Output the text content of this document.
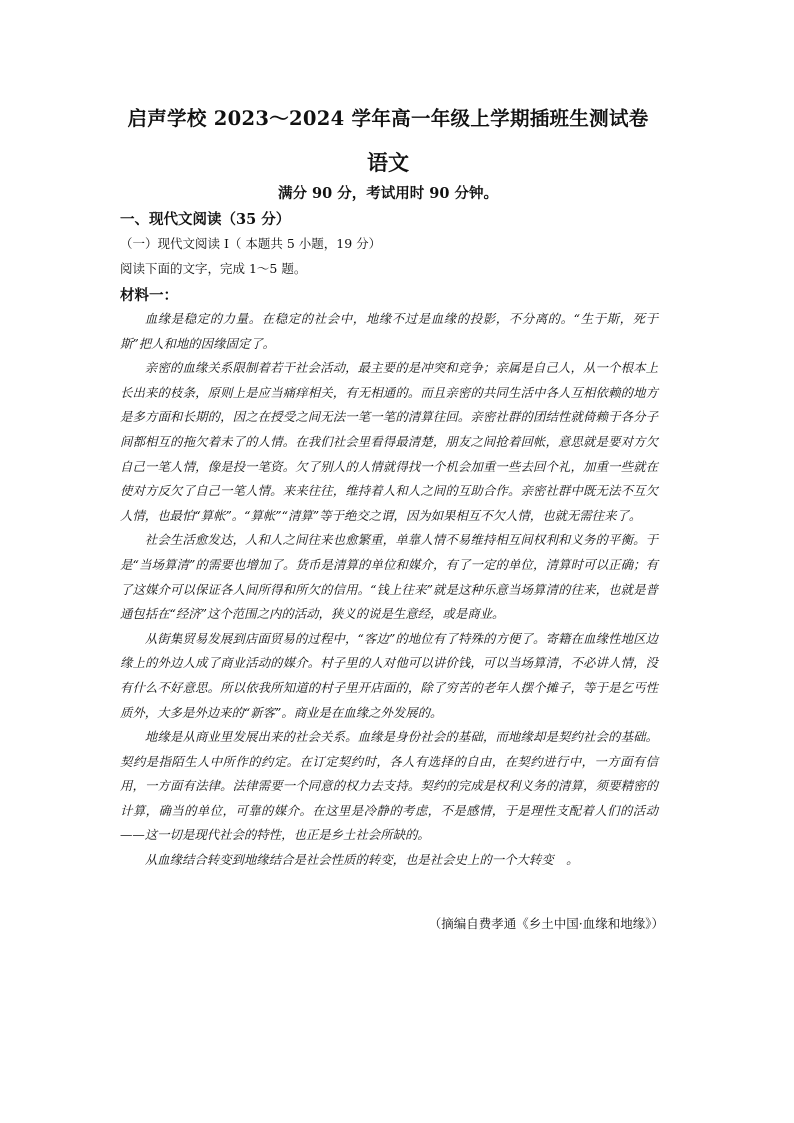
启声学校 2023～2024 学年高一年级上学期插班生测试卷
语文
满分 90 分，考试用时 90 分钟。
一、现代文阅读（35 分）
（一）现代文阅读 I（ 本题共 5 小题，19 分）
阅读下面的文字，完成 1～5 题。
材料一：

血缘是稳定的力量。在稳定的社会中，地缘不过是血缘的投影，不分离的。“生于斯，死于斯”把人和地的因缘固定了。

亲密的血缘关系限制着若干社会活动，最主要的是冲突和竞争；亲属是自己人，从一个根本上长出来的枝条，原则上是应当痛痒相关，有无相通的。而且亲密的共同生活中各人互相依赖的地方是多方面和长期的，因之在授受之间无法一笔一笔的清算往回。亲密社群的团结性就倚赖于各分子间都相互的拖欠着未了的人情。在我们社会里看得最清楚，朋友之间抢着回帐，意思就是要对方欠自己一笔人情，像是投一笔资。欠了别人的人情就得找一个机会加重一些去回个礼，加重一些就在使对方反欠了自己一笔人情。来来往往，维持着人和人之间的互助合作。亲密社群中既无法不互欠人情，也最怕“算帐”。“算帐”“清算”等于绝交之谓，因为如果相互不欠人情，也就无需往来了。

社会生活愈发达，人和人之间往来也愈繁重，单靠人情不易维持相互间权利和义务的平衡。于是“当场算清”的需要也增加了。货币是清算的单位和媒介，有了一定的单位，清算时可以正确；有了这媒介可以保证各人间所得和所欠的信用。“钱上往来”就是这种乐意当场算清的往来，也就是普通包括在“经济”这个范围之内的活动，狭义的说是生意经，或是商业。

从街集贸易发展到店面贸易的过程中，“客边”的地位有了特殊的方便了。寄籍在血缘性地区边缘上的外边人成了商业活动的媒介。村子里的人对他可以讲价钱，可以当场算清，不必讲人情，没有什么不好意思。所以依我所知道的村子里开店面的，除了穷苦的老年人摆个摊子，等于是乞丐性质外，大多是外边来的“新客”。商业是在血缘之外发展的。

地缘是从商业里发展出来的社会关系。血缘是身份社会的基础，而地缘却是契约社会的基础。契约是指陌生人中所作的约定。在订定契约时，各人有选择的自由，在契约进行中，一方面有信用，一方面有法律。法律需要一个同意的权力去支持。契约的完成是权利义务的清算，须要精密的计算，确当的单位，可靠的媒介。在这里是冷静的考虑，不是感情，于是理性支配着人们的活动——这一切是现代社会的特性，也正是乡土社会所缺的。

从血缘结合转变到地缘结合是社会性质的转变，也是社会史上的一个大转变　。

（摘编自费孝通《乡土中国·血缘和地缘》）
